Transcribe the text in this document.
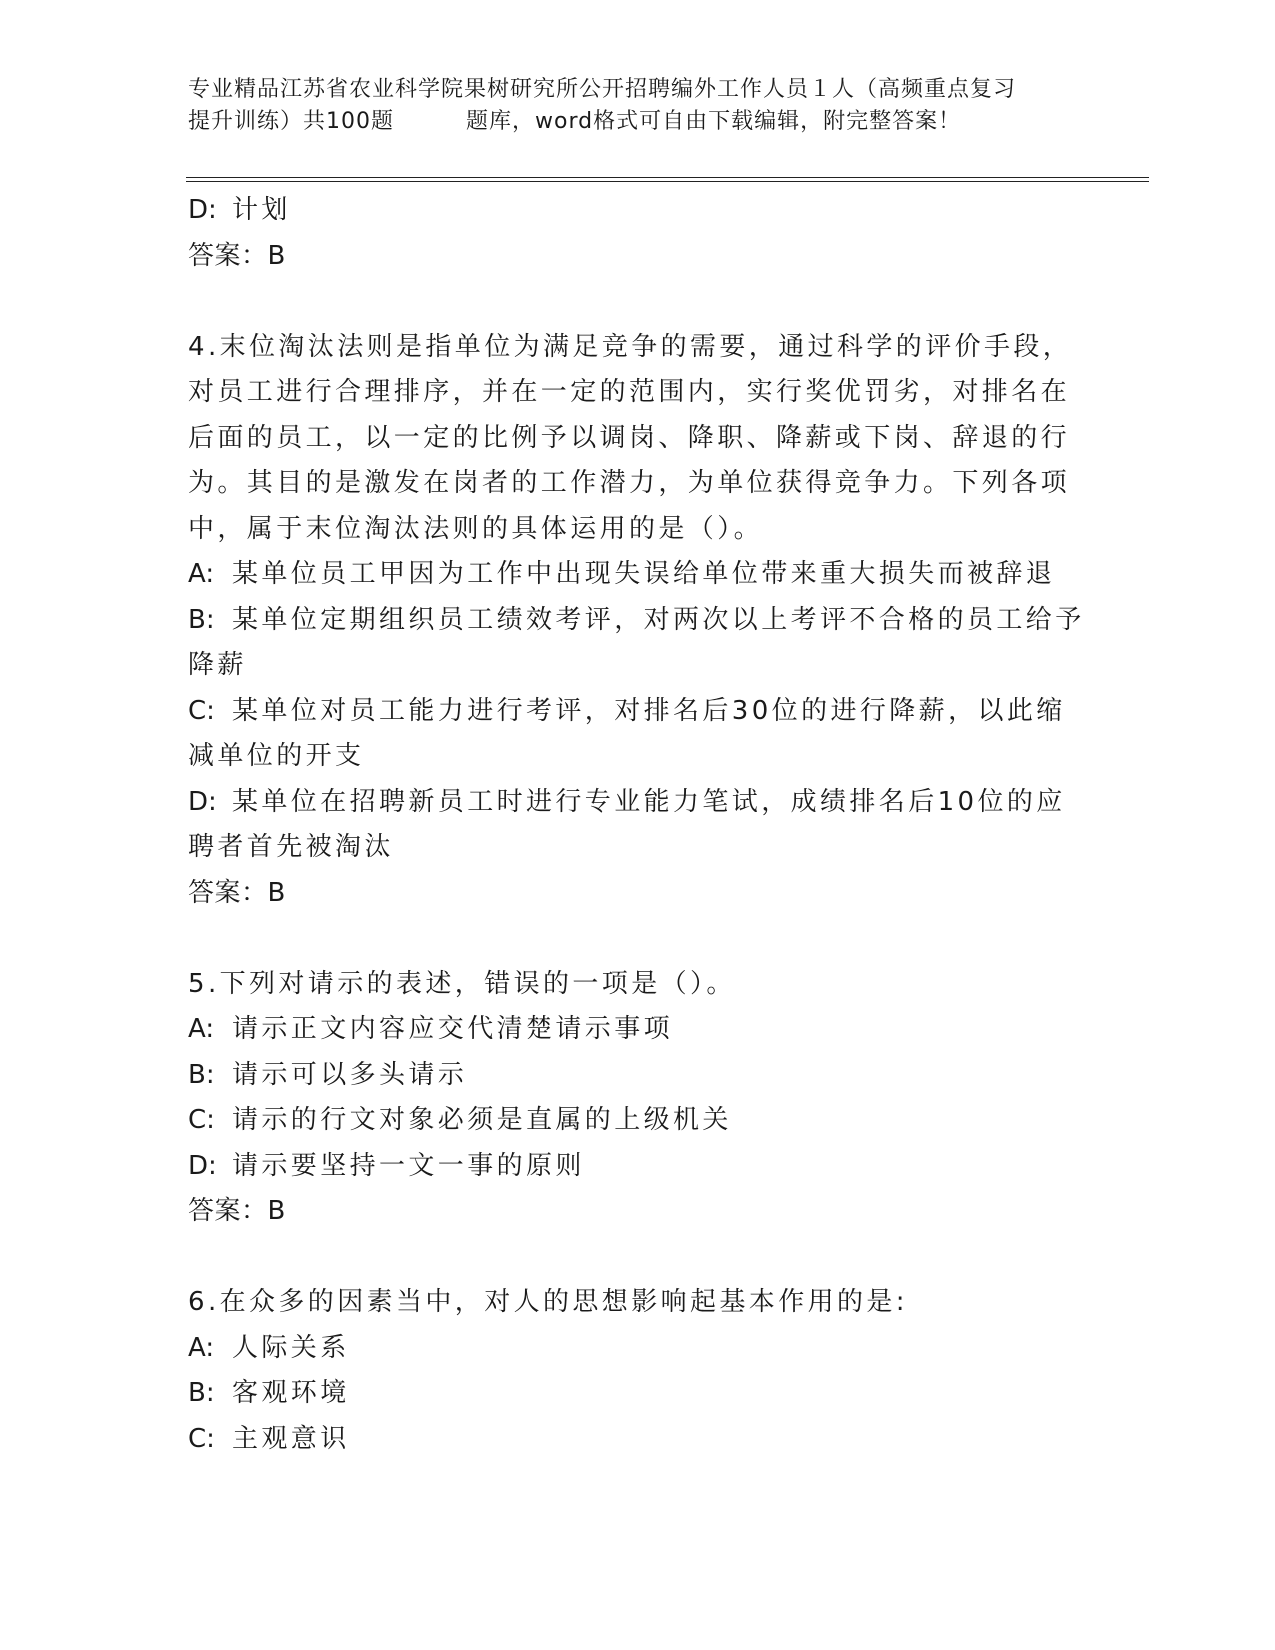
专业精品江苏省农业科学院果树研究所公开招聘编外工作人员１人（高频重点复习
提升训练）共100题	题库，word格式可自由下载编辑，附完整答案！
D: 计划
答案：B
4.末位淘汰法则是指单位为满足竞争的需要，通过科学的评价手段，
对员工进行合理排序，并在一定的范围内，实行奖优罚劣，对排名在
后面的员工，以一定的比例予以调岗、降职、降薪或下岗、辞退的行
为。其目的是激发在岗者的工作潜力，为单位获得竞争力。下列各项
中，属于末位淘汰法则的具体运用的是（）。
A: 某单位员工甲因为工作中出现失误给单位带来重大损失而被辞退
B: 某单位定期组织员工绩效考评，对两次以上考评不合格的员工给予
降薪
C: 某单位对员工能力进行考评，对排名后30位的进行降薪，以此缩
减单位的开支
D: 某单位在招聘新员工时进行专业能力笔试，成绩排名后10位的应
聘者首先被淘汰
答案：B
5.下列对请示的表述，错误的一项是（）。
A: 请示正文内容应交代清楚请示事项
B: 请示可以多头请示
C: 请示的行文对象必须是直属的上级机关
D: 请示要坚持一文一事的原则
答案：B
6.在众多的因素当中，对人的思想影响起基本作用的是:
A: 人际关系
B: 客观环境
C: 主观意识
